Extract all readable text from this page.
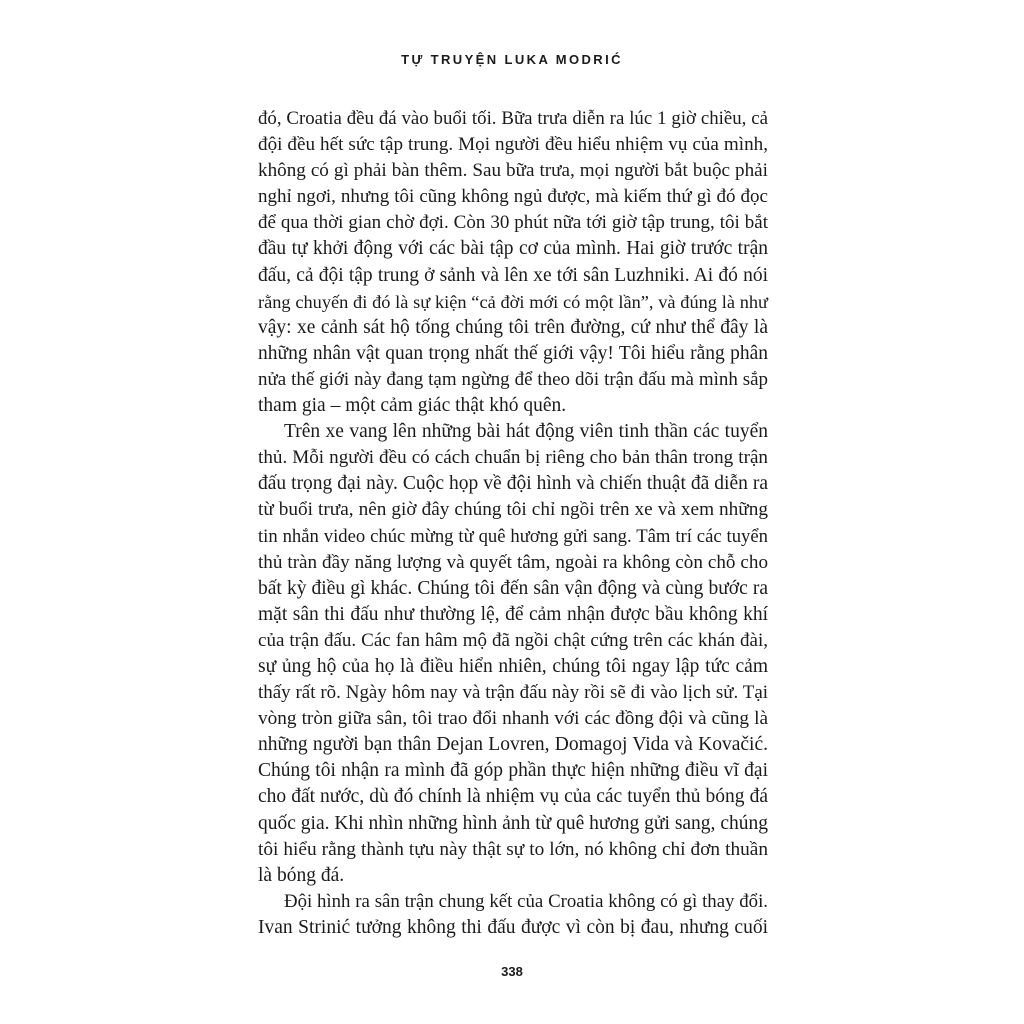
TỰ TRUYỆN LUKA MODRIĆ

đó, Croatia đều đá vào buổi tối. Bữa trưa diễn ra lúc 1 giờ chiều, cả
đội đều hết sức tập trung. Mọi người đều hiểu nhiệm vụ của mình,
không có gì phải bàn thêm. Sau bữa trưa, mọi người bắt buộc phải
nghỉ ngơi, nhưng tôi cũng không ngủ được, mà kiếm thứ gì đó đọc
để qua thời gian chờ đợi. Còn 30 phút nữa tới giờ tập trung, tôi bắt
đầu tự khởi động với các bài tập cơ của mình. Hai giờ trước trận
đấu, cả đội tập trung ở sảnh và lên xe tới sân Luzhniki. Ai đó nói
rằng chuyến đi đó là sự kiện “cả đời mới có một lần”, và đúng là như
vậy: xe cảnh sát hộ tống chúng tôi trên đường, cứ như thể đây là
những nhân vật quan trọng nhất thế giới vậy! Tôi hiểu rằng phân
nửa thế giới này đang tạm ngừng để theo dõi trận đấu mà mình sắp
tham gia – một cảm giác thật khó quên.

Trên xe vang lên những bài hát động viên tinh thần các tuyển
thủ. Mỗi người đều có cách chuẩn bị riêng cho bản thân trong trận
đấu trọng đại này. Cuộc họp về đội hình và chiến thuật đã diễn ra
từ buổi trưa, nên giờ đây chúng tôi chỉ ngồi trên xe và xem những
tin nhắn video chúc mừng từ quê hương gửi sang. Tâm trí các tuyển
thủ tràn đầy năng lượng và quyết tâm, ngoài ra không còn chỗ cho
bất kỳ điều gì khác. Chúng tôi đến sân vận động và cùng bước ra
mặt sân thi đấu như thường lệ, để cảm nhận được bầu không khí
của trận đấu. Các fan hâm mộ đã ngồi chật cứng trên các khán đài,
sự ủng hộ của họ là điều hiển nhiên, chúng tôi ngay lập tức cảm
thấy rất rõ. Ngày hôm nay và trận đấu này rồi sẽ đi vào lịch sử. Tại
vòng tròn giữa sân, tôi trao đổi nhanh với các đồng đội và cũng là
những người bạn thân Dejan Lovren, Domagoj Vida và Kovačić.
Chúng tôi nhận ra mình đã góp phần thực hiện những điều vĩ đại
cho đất nước, dù đó chính là nhiệm vụ của các tuyển thủ bóng đá
quốc gia. Khi nhìn những hình ảnh từ quê hương gửi sang, chúng
tôi hiểu rằng thành tựu này thật sự to lớn, nó không chỉ đơn thuần
là bóng đá.

Đội hình ra sân trận chung kết của Croatia không có gì thay đổi.
Ivan Strinić tưởng không thi đấu được vì còn bị đau, nhưng cuối

338
